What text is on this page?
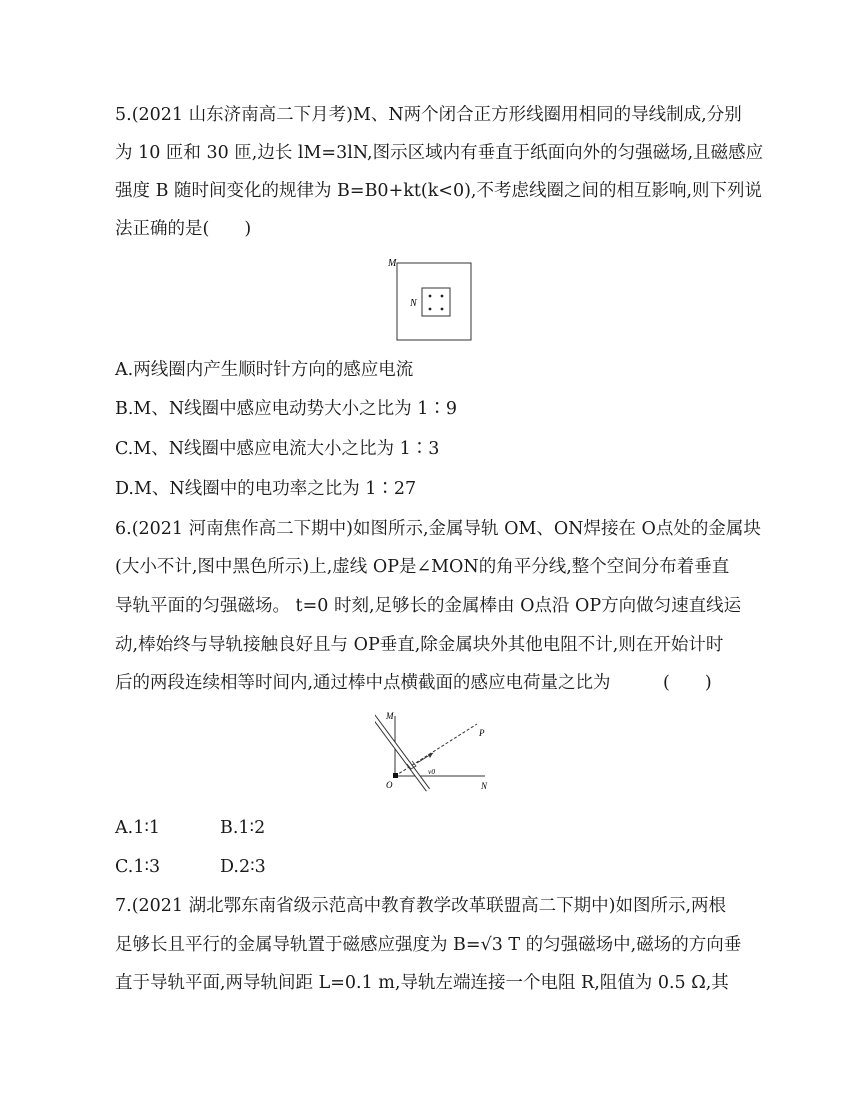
5.(2021 山东济南高二下月考)M、N两个闭合正方形线圈用相同的导线制成,分别
为 10 匝和 30 匝,边长 lM=3lN,图示区域内有垂直于纸面向外的匀强磁场,且磁感应
强度 B 随时间变化的规律为 B=B0+kt(k<0),不考虑线圈之间的相互影响,则下列说
法正确的是(　　)
M
N
A.两线圈内产生顺时针方向的感应电流
B.M、N线圈中感应电动势大小之比为 1∶9
C.M、N线圈中感应电流大小之比为 1∶3
D.M、N线圈中的电功率之比为 1∶27
6.(2021 河南焦作高二下期中)如图所示,金属导轨 OM、ON焊接在 O点处的金属块
(大小不计,图中黑色所示)上,虚线 OP是∠MON的角平分线,整个空间分布着垂直
导轨平面的匀强磁场。 t=0 时刻,足够长的金属棒由 O点沿 OP方向做匀速直线运
动,棒始终与导轨接触良好且与 OP垂直,除金属块外其他电阻不计,则在开始计时
后的两段连续相等时间内,通过棒中点横截面的感应电荷量之比为　　　(　　)
M
P
O	N
v0
A.1∶1	B.1∶2
C.1∶3	D.2∶3
7.(2021 湖北鄂东南省级示范高中教育教学改革联盟高二下期中)如图所示,两根
足够长且平行的金属导轨置于磁感应强度为 B=√3 T 的匀强磁场中,磁场的方向垂
直于导轨平面,两导轨间距 L=0.1 m,导轨左端连接一个电阻 R,阻值为 0.5 Ω,其
